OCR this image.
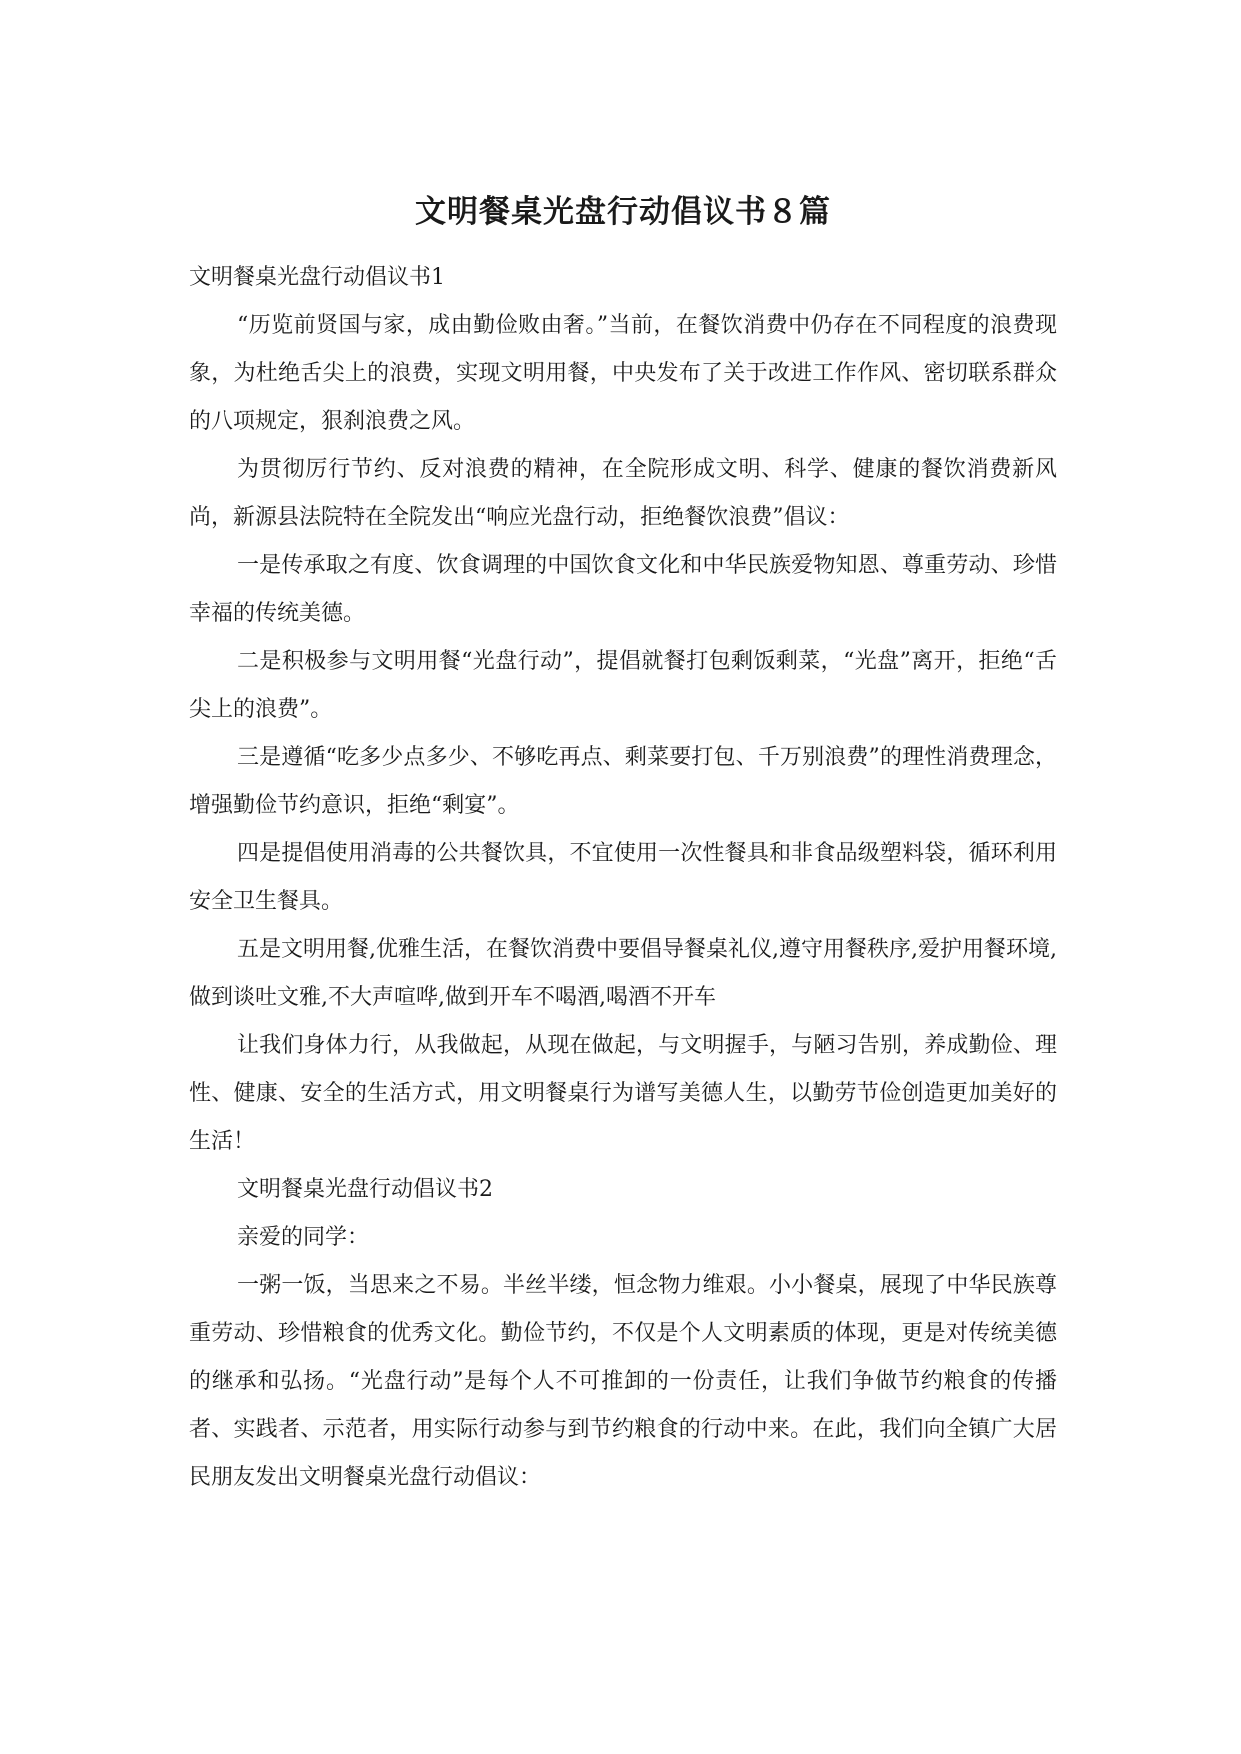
文明餐桌光盘行动倡议书８篇

文明餐桌光盘行动倡议书1

“历览前贤国与家，成由勤俭败由奢。”当前，在餐饮消费中仍存在不同程度的浪费现象，为杜绝舌尖上的浪费，实现文明用餐，中央发布了关于改进工作作风、密切联系群众的八项规定，狠刹浪费之风。

为贯彻厉行节约、反对浪费的精神，在全院形成文明、科学、健康的餐饮消费新风尚，新源县法院特在全院发出“响应光盘行动，拒绝餐饮浪费”倡议：

一是传承取之有度、饮食调理的中国饮食文化和中华民族爱物知恩、尊重劳动、珍惜幸福的传统美德。

二是积极参与文明用餐“光盘行动”，提倡就餐打包剩饭剩菜，“光盘”离开，拒绝“舌尖上的浪费”。

三是遵循“吃多少点多少、不够吃再点、剩菜要打包、千万别浪费”的理性消费理念，增强勤俭节约意识，拒绝“剩宴”。

四是提倡使用消毒的公共餐饮具，不宜使用一次性餐具和非食品级塑料袋，循环利用安全卫生餐具。

五是文明用餐,优雅生活，在餐饮消费中要倡导餐桌礼仪,遵守用餐秩序,爱护用餐环境,做到谈吐文雅,不大声喧哗,做到开车不喝酒,喝酒不开车

让我们身体力行，从我做起，从现在做起，与文明握手，与陋习告别，养成勤俭、理性、健康、安全的生活方式，用文明餐桌行为谱写美德人生，以勤劳节俭创造更加美好的生活！

文明餐桌光盘行动倡议书2

亲爱的同学：

一粥一饭，当思来之不易。半丝半缕，恒念物力维艰。小小餐桌，展现了中华民族尊重劳动、珍惜粮食的优秀文化。勤俭节约，不仅是个人文明素质的体现，更是对传统美德的继承和弘扬。“光盘行动”是每个人不可推卸的一份责任，让我们争做节约粮食的传播者、实践者、示范者，用实际行动参与到节约粮食的行动中来。在此，我们向全镇广大居民朋友发出文明餐桌光盘行动倡议：
